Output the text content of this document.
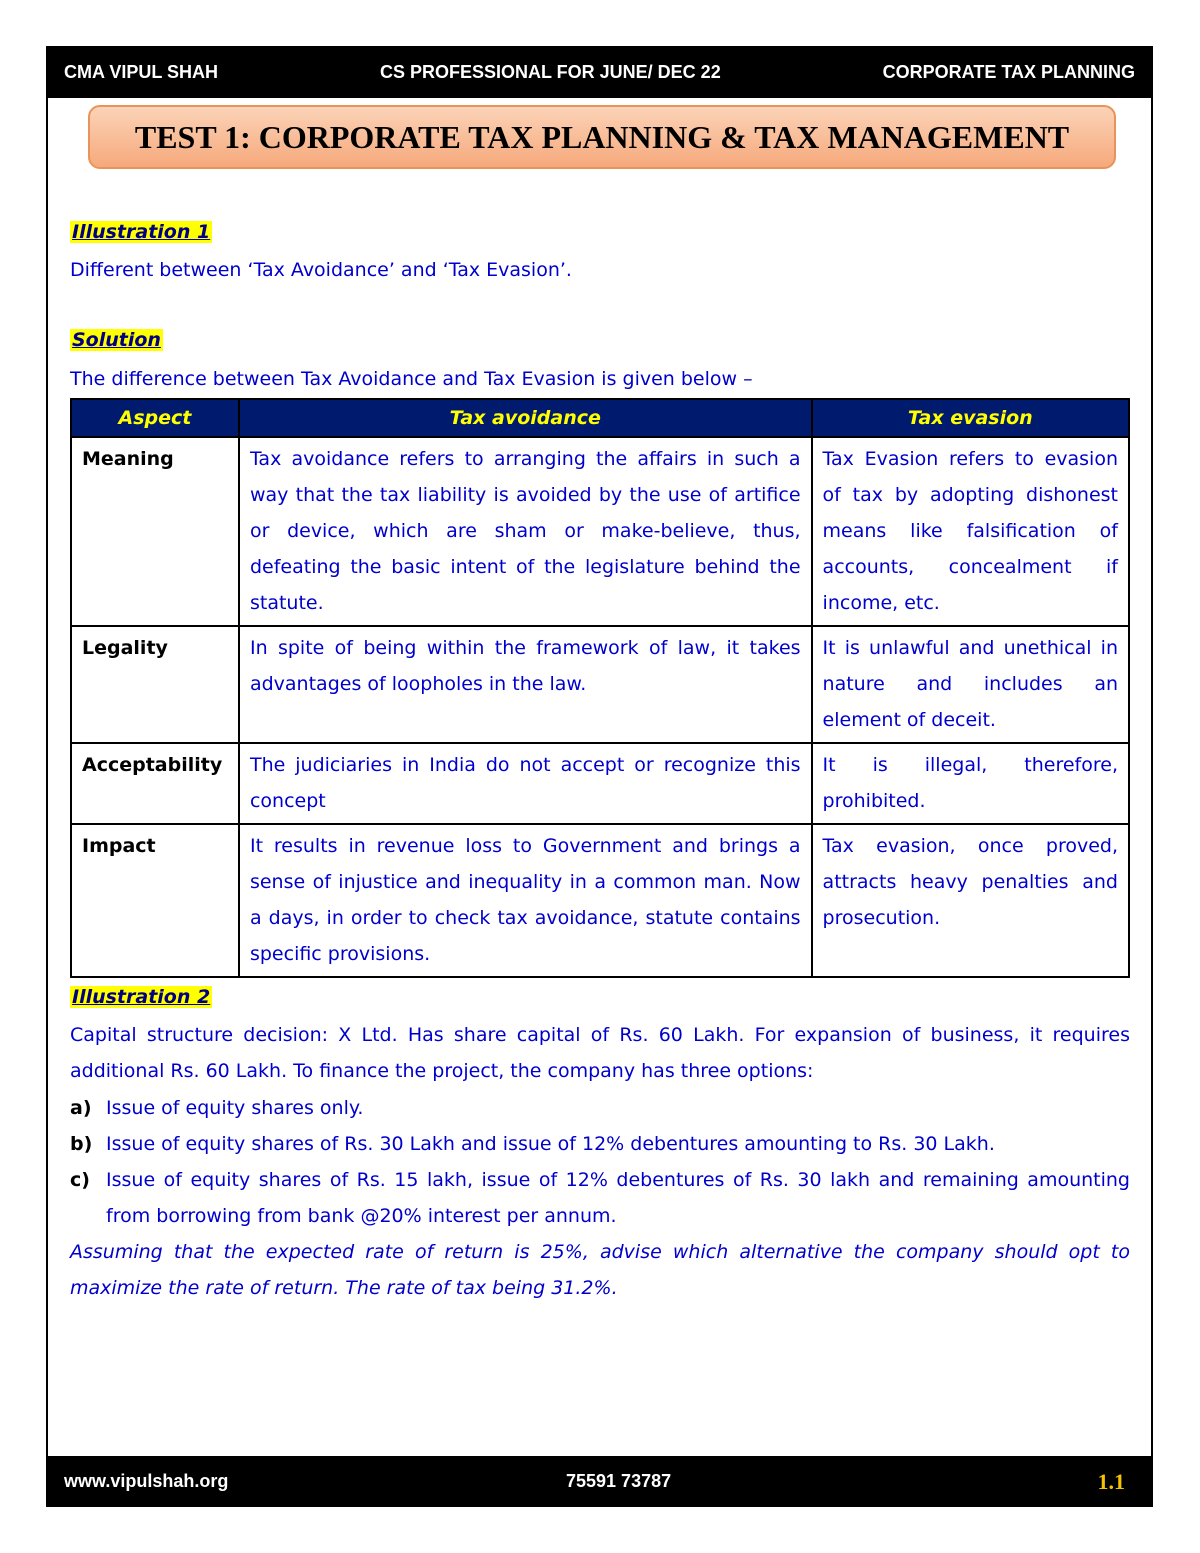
CMA VIPUL SHAH	CS PROFESSIONAL FOR JUNE/ DEC 22	CORPORATE TAX PLANNING
TEST 1: CORPORATE TAX PLANNING & TAX MANAGEMENT
Illustration 1
Different between ‘Tax Avoidance’ and ‘Tax Evasion’.
Solution
The difference between Tax Avoidance and Tax Evasion is given below –
Aspect	Tax avoidance	Tax evasion
Meaning	Tax avoidance refers to arranging the affairs in such a way that the tax liability is avoided by the use of artifice or device, which are sham or make-believe, thus, defeating the basic intent of the legislature behind the statute.	Tax Evasion refers to evasion of tax by adopting dishonest means like falsification of accounts, concealment if income, etc.
Legality	In spite of being within the framework of law, it takes advantages of loopholes in the law.	It is unlawful and unethical in nature and includes an element of deceit.
Acceptability	The judiciaries in India do not accept or recognize this concept	It is illegal, therefore, prohibited.
Impact	It results in revenue loss to Government and brings a sense of injustice and inequality in a common man. Now a days, in order to check tax avoidance, statute contains specific provisions.	Tax evasion, once proved, attracts heavy penalties and prosecution.
Illustration 2
Capital structure decision: X Ltd. Has share capital of Rs. 60 Lakh. For expansion of business, it requires additional Rs. 60 Lakh. To finance the project, the company has three options:
a) Issue of equity shares only.
b) Issue of equity shares of Rs. 30 Lakh and issue of 12% debentures amounting to Rs. 30 Lakh.
c) Issue of equity shares of Rs. 15 lakh, issue of 12% debentures of Rs. 30 lakh and remaining amounting from borrowing from bank @20% interest per annum.
Assuming that the expected rate of return is 25%, advise which alternative the company should opt to maximize the rate of return. The rate of tax being 31.2%.
www.vipulshah.org	75591 73787	1.1
